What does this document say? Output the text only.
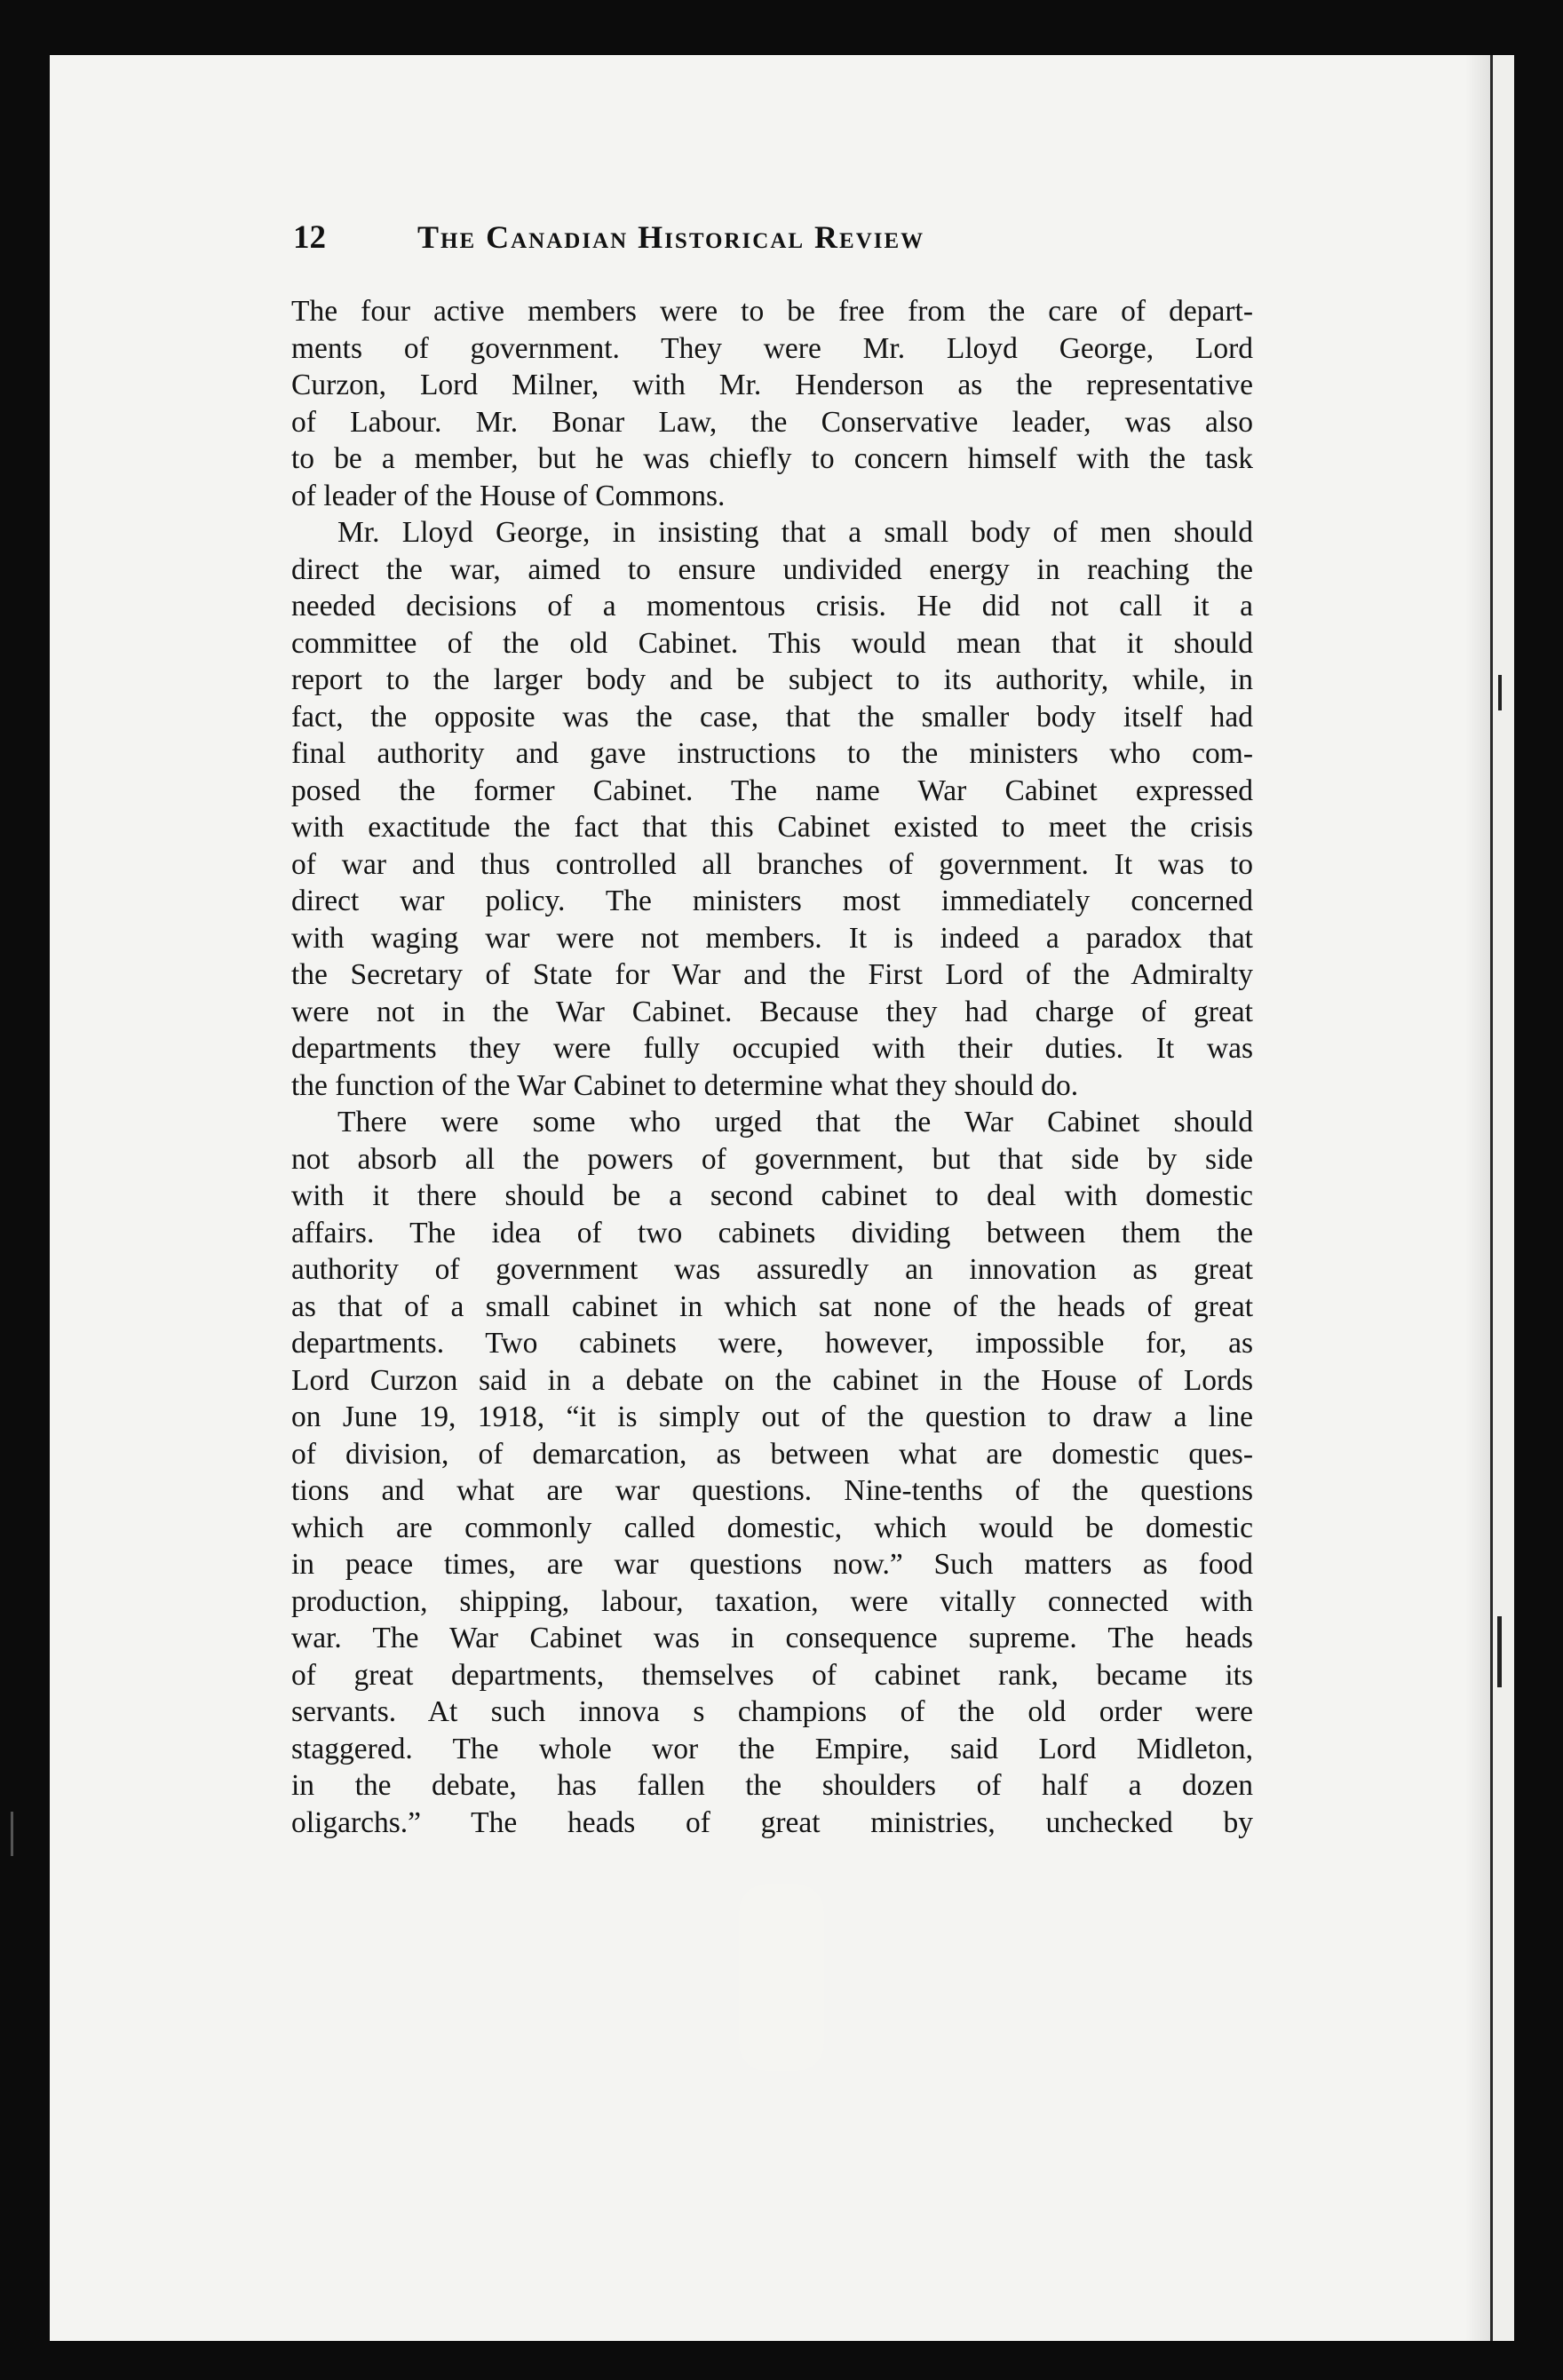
12	The Canadian Historical Review
The four active members were to be free from the care of depart-
ments of government. They were Mr. Lloyd George, Lord
Curzon, Lord Milner, with Mr. Henderson as the representative
of Labour. Mr. Bonar Law, the Conservative leader, was also
to be a member, but he was chiefly to concern himself with the task
of leader of the House of Commons.
Mr. Lloyd George, in insisting that a small body of men should
direct the war, aimed to ensure undivided energy in reaching the
needed decisions of a momentous crisis. He did not call it a
committee of the old Cabinet. This would mean that it should
report to the larger body and be subject to its authority, while, in
fact, the opposite was the case, that the smaller body itself had
final authority and gave instructions to the ministers who com-
posed the former Cabinet. The name War Cabinet expressed
with exactitude the fact that this Cabinet existed to meet the crisis
of war and thus controlled all branches of government. It was to
direct war policy. The ministers most immediately concerned
with waging war were not members. It is indeed a paradox that
the Secretary of State for War and the First Lord of the Admiralty
were not in the War Cabinet. Because they had charge of great
departments they were fully occupied with their duties. It was
the function of the War Cabinet to determine what they should do.
There were some who urged that the War Cabinet should
not absorb all the powers of government, but that side by side
with it there should be a second cabinet to deal with domestic
affairs. The idea of two cabinets dividing between them the
authority of government was assuredly an innovation as great
as that of a small cabinet in which sat none of the heads of great
departments. Two cabinets were, however, impossible for, as
Lord Curzon said in a debate on the cabinet in the House of Lords
on June 19, 1918, “it is simply out of the question to draw a line
of division, of demarcation, as between what are domestic ques-
tions and what are war questions. Nine-tenths of the questions
which are commonly called domestic, which would be domestic
in peace times, are war questions now.” Such matters as food
production, shipping, labour, taxation, were vitally connected with
war. The War Cabinet was in consequence supreme. The heads
of great departments, themselves of cabinet rank, became its
servants. At such innova s champions of the old order were
staggered. The whole wor the Empire, said Lord Midleton,
in the debate, has fallen the shoulders of half a dozen
oligarchs.” The heads of great ministries, unchecked by
